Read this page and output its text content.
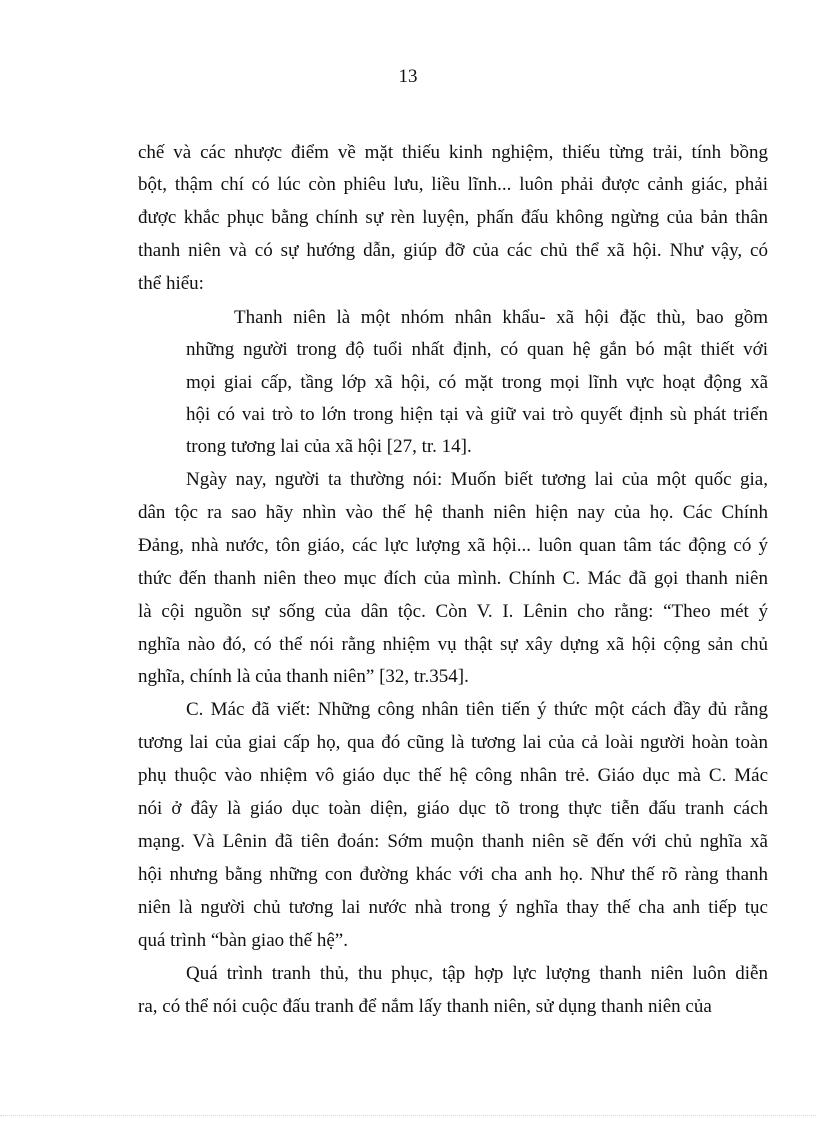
13
chế và các nhược điểm về mặt thiếu kinh nghiệm, thiếu từng trải, tính bồng
bột, thậm chí có lúc còn phiêu lưu, liều lĩnh... luôn phải được cảnh giác, phải
được khắc phục bằng chính sự rèn luyện, phấn đấu không ngừng của bản thân
thanh niên và có sự hướng dẫn, giúp đỡ của các chủ thể xã hội. Như vậy, có
thể hiểu:
Thanh niên là một nhóm nhân khẩu- xã hội đặc thù, bao gồm
những người trong độ tuổi nhất định, có quan hệ gắn bó mật thiết với
mọi giai cấp, tầng lớp xã hội, có mặt trong mọi lĩnh vực hoạt động xã
hội có vai trò to lớn trong hiện tại và giữ vai trò quyết định sù phát triển
trong tương lai của xã hội [27, tr. 14].
Ngày nay, người ta thường nói: Muốn biết tương lai của một quốc gia,
dân tộc ra sao hãy nhìn vào thế hệ thanh niên hiện nay của họ. Các Chính
Đảng, nhà nước, tôn giáo, các lực lượng xã hội... luôn quan tâm tác động có ý
thức đến thanh niên theo mục đích của mình. Chính C. Mác đã gọi thanh niên
là cội nguồn sự sống của dân tộc. Còn V. I. Lênin cho rằng: “Theo mét ý
nghĩa nào đó, có thể nói rằng nhiệm vụ thật sự xây dựng xã hội cộng sản chủ
nghĩa, chính là của thanh niên” [32, tr.354].
C. Mác đã viết: Những công nhân tiên tiến ý thức một cách đầy đủ rằng
tương lai của giai cấp họ, qua đó cũng là tương lai của cả loài người hoàn toàn
phụ thuộc vào nhiệm vô giáo dục thế hệ công nhân trẻ. Giáo dục mà C. Mác
nói ở đây là giáo dục toàn diện, giáo dục tõ trong thực tiễn đấu tranh cách
mạng. Và Lênin đã tiên đoán: Sớm muộn thanh niên sẽ đến với chủ nghĩa xã
hội nhưng bằng những con đường khác với cha anh họ. Như thế rõ ràng thanh
niên là người chủ tương lai nước nhà trong ý nghĩa thay thế cha anh tiếp tục
quá trình “bàn giao thế hệ”.
Quá trình tranh thủ, thu phục, tập hợp lực lượng thanh niên luôn diễn
ra, có thể nói cuộc đấu tranh để nắm lấy thanh niên, sử dụng thanh niên của
